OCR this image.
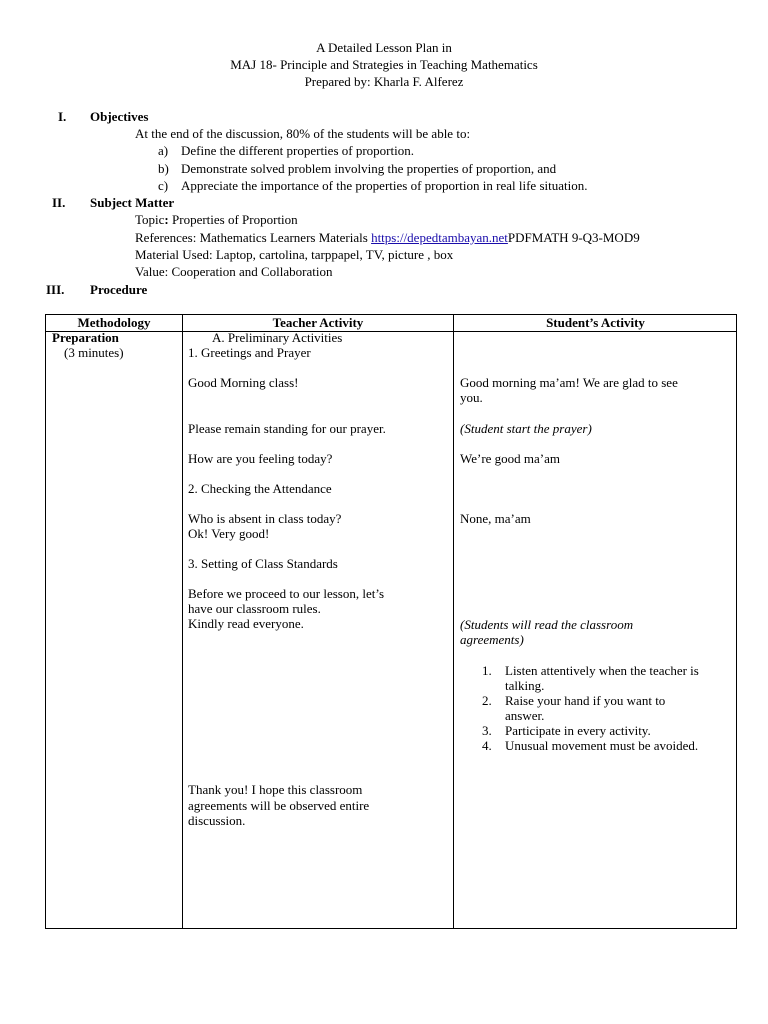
A Detailed Lesson Plan in
MAJ 18- Principle and Strategies in Teaching Mathematics
Prepared by: Kharla F. Alferez
I. Objectives
At the end of the discussion, 80% of the students will be able to:
a) Define the different properties of proportion.
b) Demonstrate solved problem involving the properties of proportion, and
c) Appreciate the importance of the properties of proportion in real life situation.
II. Subject Matter
Topic: Properties of Proportion
References: Mathematics Learners Materials https://depedtambayan.netPDFMATH 9-Q3-MOD9
Material Used: Laptop, cartolina, tarppapel, TV, picture , box
Value: Cooperation and Collaboration
III. Procedure
Methodology	Teacher Activity	Student’s Activity
Preparation
(3 minutes)
A. Preliminary Activities
1. Greetings and Prayer
Good Morning class!
Please remain standing for our prayer.
How are you feeling today?
2. Checking the Attendance
Who is absent in class today?
Ok! Very good!
3. Setting of Class Standards
Before we proceed to our lesson, let’s
have our classroom rules.
Kindly read everyone.
Thank you! I hope this classroom
agreements will be observed entire
discussion.
Good morning ma’am! We are glad to see
you.
(Student start the prayer)
We’re good ma’am
None, ma’am
(Students will read the classroom
agreements)
1. Listen attentively when the teacher is
talking.
2. Raise your hand if you want to
answer.
3. Participate in every activity.
4. Unusual movement must be avoided.
